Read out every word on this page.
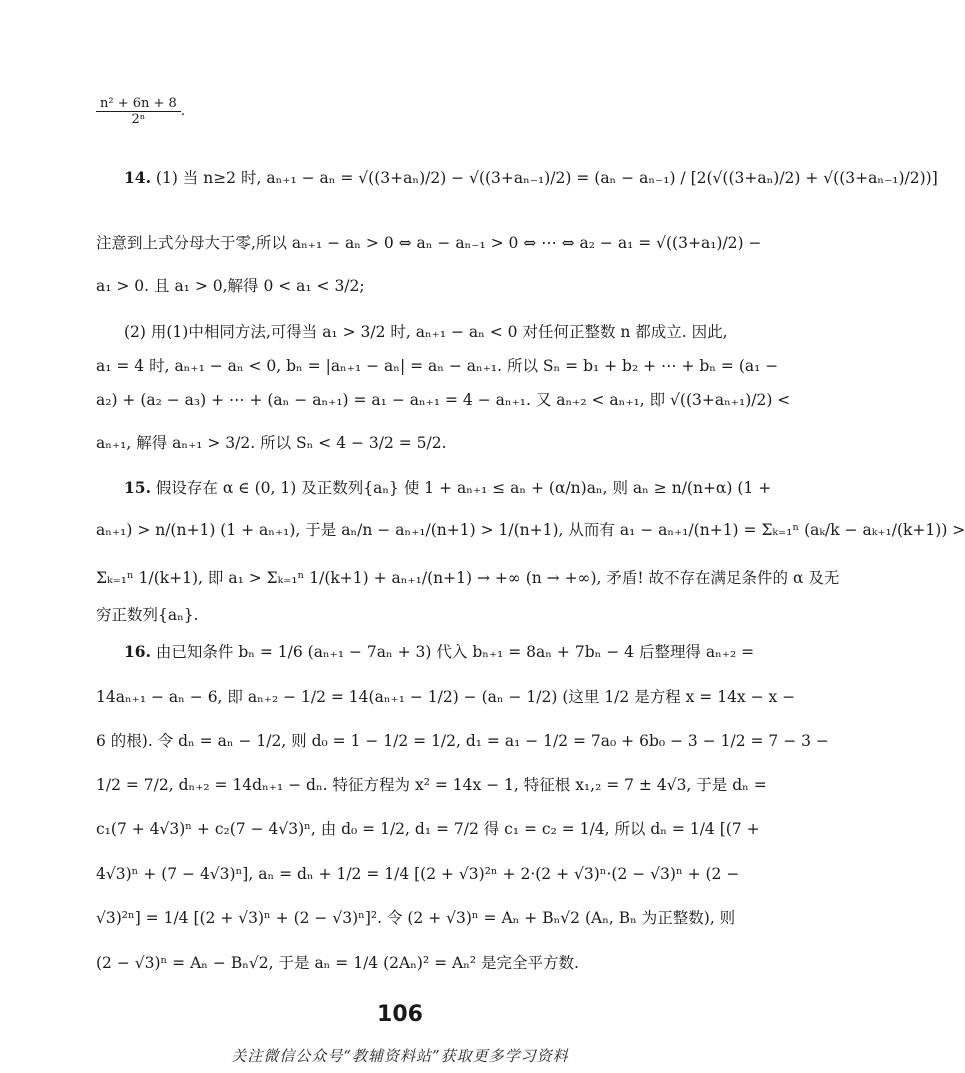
$\frac{\text{n² + 6n + 8}}{\text{2ⁿ}}$ .
14. (1) 当 n≥2 时, aₙ₊₁ − aₙ = √((3+aₙ)/2) − √((3+aₙ₋₁)/2) = (aₙ − aₙ₋₁) / [2(√((3+aₙ)/2) + √((3+aₙ₋₁)/2))]
注意到上式分母大于零,所以 aₙ₊₁ − aₙ > 0 ⇔ aₙ − aₙ₋₁ > 0 ⇔ ⋯ ⇔ a₂ − a₁ = √((3+a₁)/2) −
a₁ > 0. 且 a₁ > 0,解得 0 < a₁ < 3/2;
(2) 用(1)中相同方法,可得当 a₁ > 3/2 时, aₙ₊₁ − aₙ < 0 对任何正整数 n 都成立. 因此,
a₁ = 4 时, aₙ₊₁ − aₙ < 0, bₙ = |aₙ₊₁ − aₙ| = aₙ − aₙ₊₁. 所以 Sₙ = b₁ + b₂ + ⋯ + bₙ = (a₁ −
a₂) + (a₂ − a₃) + ⋯ + (aₙ − aₙ₊₁) = a₁ − aₙ₊₁ = 4 − aₙ₊₁. 又 aₙ₊₂ < aₙ₊₁, 即 √((3+aₙ₊₁)/2) <
aₙ₊₁, 解得 aₙ₊₁ > 3/2. 所以 Sₙ < 4 − 3/2 = 5/2.
15. 假设存在 α ∈ (0, 1) 及正数列{aₙ} 使 1 + aₙ₊₁ ≤ aₙ + (α/n)aₙ, 则 aₙ ≥ n/(n+α) (1 +
aₙ₊₁) > n/(n+1) (1 + aₙ₊₁), 于是 aₙ/n − aₙ₊₁/(n+1) > 1/(n+1), 从而有 a₁ − aₙ₊₁/(n+1) = Σₖ₌₁ⁿ (aₖ/k − aₖ₊₁/(k+1)) >
Σₖ₌₁ⁿ 1/(k+1), 即 a₁ > Σₖ₌₁ⁿ 1/(k+1) + aₙ₊₁/(n+1) → +∞ (n → +∞), 矛盾! 故不存在满足条件的 α 及无
穷正数列{aₙ}.
16. 由已知条件 bₙ = 1/6 (aₙ₊₁ − 7aₙ + 3) 代入 bₙ₊₁ = 8aₙ + 7bₙ − 4 后整理得 aₙ₊₂ =
14aₙ₊₁ − aₙ − 6, 即 aₙ₊₂ − 1/2 = 14(aₙ₊₁ − 1/2) − (aₙ − 1/2) (这里 1/2 是方程 x = 14x − x −
6 的根). 令 dₙ = aₙ − 1/2, 则 d₀ = 1 − 1/2 = 1/2, d₁ = a₁ − 1/2 = 7a₀ + 6b₀ − 3 − 1/2 = 7 − 3 −
1/2 = 7/2, dₙ₊₂ = 14dₙ₊₁ − dₙ. 特征方程为 x² = 14x − 1, 特征根 x₁,₂ = 7 ± 4√3, 于是 dₙ =
c₁(7 + 4√3)ⁿ + c₂(7 − 4√3)ⁿ, 由 d₀ = 1/2, d₁ = 7/2 得 c₁ = c₂ = 1/4, 所以 dₙ = 1/4 [(7 +
4√3)ⁿ + (7 − 4√3)ⁿ], aₙ = dₙ + 1/2 = 1/4 [(2 + √3)²ⁿ + 2·(2 + √3)ⁿ·(2 − √3)ⁿ + (2 −
√3)²ⁿ] = 1/4 [(2 + √3)ⁿ + (2 − √3)ⁿ]². 令 (2 + √3)ⁿ = Aₙ + Bₙ√2 (Aₙ, Bₙ 为正整数), 则
(2 − √3)ⁿ = Aₙ − Bₙ√2, 于是 aₙ = 1/4 (2Aₙ)² = Aₙ² 是完全平方数.
106
关注微信公众号“教辅资料站”获取更多学习资料
